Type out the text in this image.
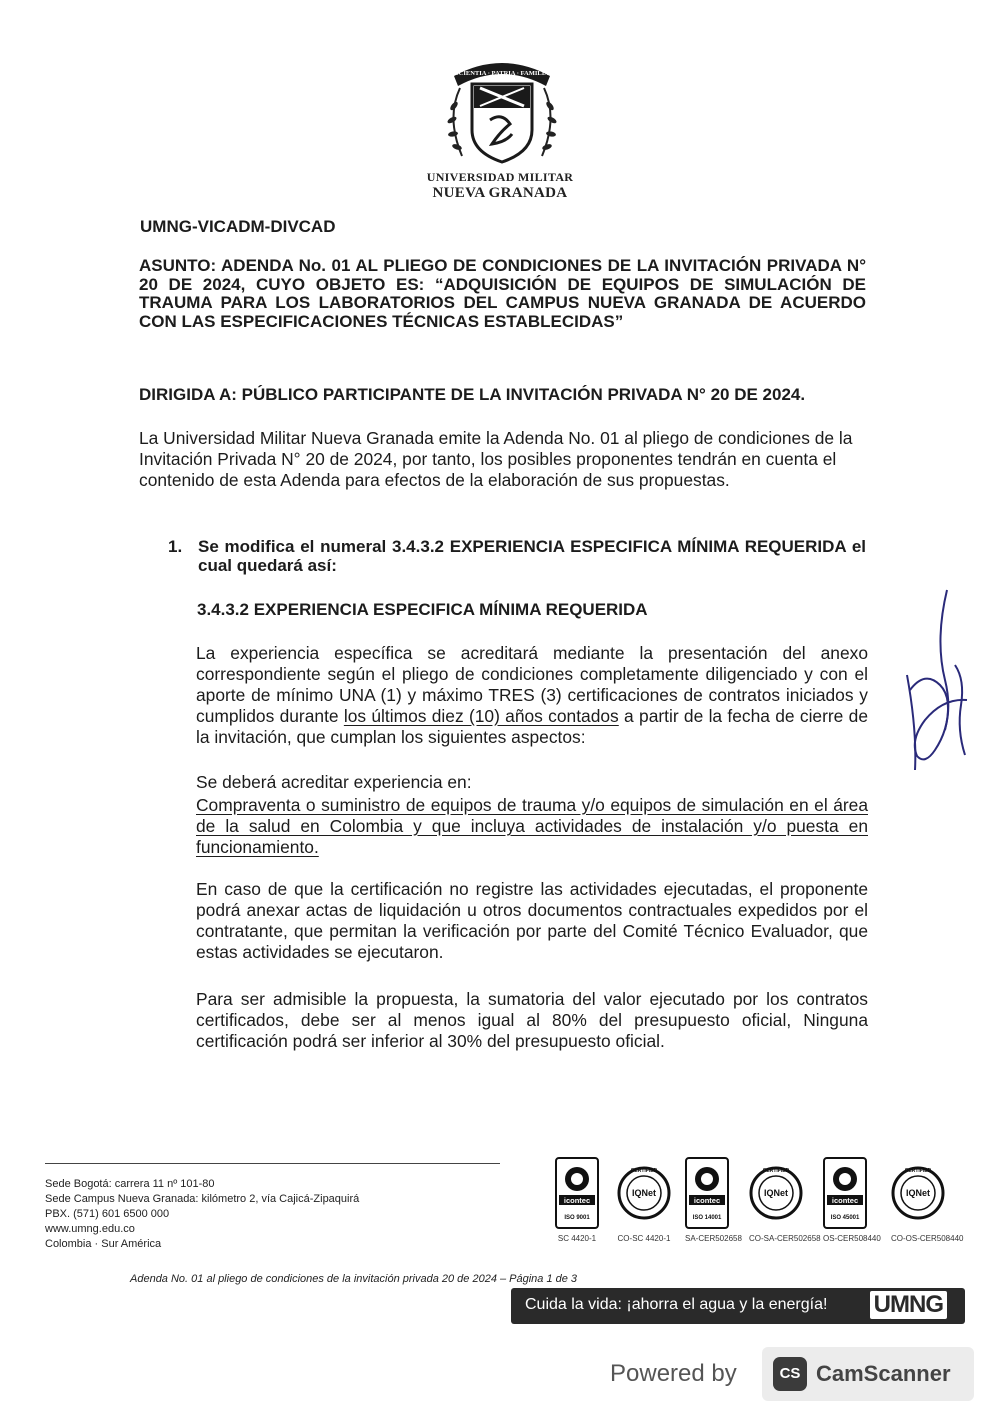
SCIENTIA · PATRIA · FAMILIA
UNIVERSIDAD MILITAR
NUEVA GRANADA
UMNG-VICADM-DIVCAD
ASUNTO: ADENDA No. 01 AL PLIEGO DE CONDICIONES DE LA INVITACIÓN PRIVADA N° 20 DE 2024, CUYO OBJETO ES: “ADQUISICIÓN DE EQUIPOS DE SIMULACIÓN DE TRAUMA PARA LOS LABORATORIOS DEL CAMPUS NUEVA GRANADA DE ACUERDO CON LAS ESPECIFICACIONES TÉCNICAS ESTABLECIDAS”
DIRIGIDA A: PÚBLICO PARTICIPANTE DE LA INVITACIÓN PRIVADA N° 20 DE 2024.
La Universidad Militar Nueva Granada emite la Adenda No. 01 al pliego de condiciones de la Invitación Privada N° 20 de 2024, por tanto, los posibles proponentes tendrán en cuenta el contenido de esta Adenda para efectos de la elaboración de sus propuestas.
1. Se modifica el numeral 3.4.3.2 EXPERIENCIA ESPECIFICA MÍNIMA REQUERIDA el cual quedará así:
3.4.3.2 EXPERIENCIA ESPECIFICA MÍNIMA REQUERIDA
La experiencia específica se acreditará mediante la presentación del anexo correspondiente según el pliego de condiciones completamente diligenciado y con el aporte de mínimo UNA (1) y máximo TRES (3) certificaciones de contratos iniciados y cumplidos durante los últimos diez (10) años contados a partir de la fecha de cierre de la invitación, que cumplan los siguientes aspectos:
Se deberá acreditar experiencia en:
Compraventa o suministro de equipos de trauma y/o equipos de simulación en el área de la salud en Colombia y que incluya actividades de instalación y/o puesta en funcionamiento.
En caso de que la certificación no registre las actividades ejecutadas, el proponente podrá anexar actas de liquidación u otros documentos contractuales expedidos por el contratante, que permitan la verificación por parte del Comité Técnico Evaluador, que estas actividades se ejecutaron.
Para ser admisible la propuesta, la sumatoria del valor ejecutado por los contratos certificados, debe ser al menos igual al 80% del presupuesto oficial, Ninguna certificación podrá ser inferior al 30% del presupuesto oficial.
Sede Bogotá: carrera 11 nº 101-80
Sede Campus Nueva Granada: kilómetro 2, vía Cajicá-Zipaquirá
PBX. (571) 601 6500 000
www.umng.edu.co
Colombia · Sur América
icontec
ISO 9001
SC 4420-1
CERTIFIED
IQNet
CO-SC 4420-1
icontec
ISO 14001
SA-CER502658
CERTIFIED
IQNet
CO-SA-CER502658
icontec
ISO 45001
OS-CER508440
CERTIFIED
IQNet
CO-OS-CER508440
Adenda No. 01 al pliego de condiciones de la invitación privada 20 de 2024 – Página 1 de 3
Cuida la vida: ¡ahorra el agua y la energía! UMNG
Powered by	CS CamScanner
